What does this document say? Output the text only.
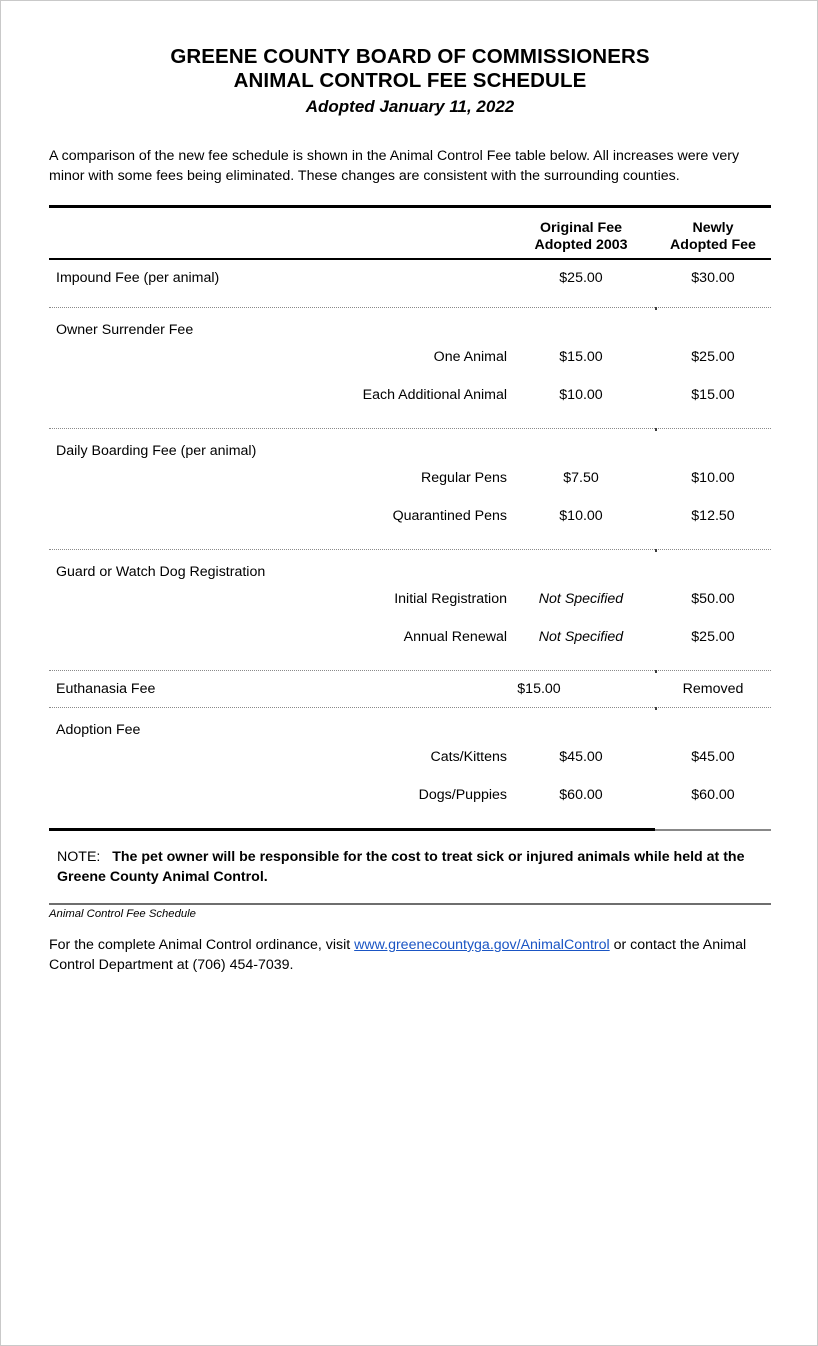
GREENE COUNTY BOARD OF COMMISSIONERS
ANIMAL CONTROL FEE SCHEDULE
Adopted January 11, 2022
A comparison of the new fee schedule is shown in the Animal Control Fee table below. All increases were very minor with some fees being eliminated. These changes are consistent with the surrounding counties.
Original Fee
Adopted 2003
Newly
Adopted Fee
Impound Fee (per animal)	$25.00	$30.00
Owner Surrender Fee
One Animal	$15.00	$25.00
Each Additional Animal	$10.00	$15.00
Daily Boarding Fee (per animal)
Regular Pens	$7.50	$10.00
Quarantined Pens	$10.00	$12.50
Guard or Watch Dog Registration
Initial Registration	Not Specified	$50.00
Annual Renewal	Not Specified	$25.00
Euthanasia Fee	$15.00	Removed
Adoption Fee
Cats/Kittens	$45.00	$45.00
Dogs/Puppies	$60.00	$60.00
NOTE: The pet owner will be responsible for the cost to treat sick or injured animals while held at the Greene County Animal Control.
Animal Control Fee Schedule
For the complete Animal Control ordinance, visit www.greenecountyga.gov/AnimalControl or contact the Animal Control Department at (706) 454-7039.
